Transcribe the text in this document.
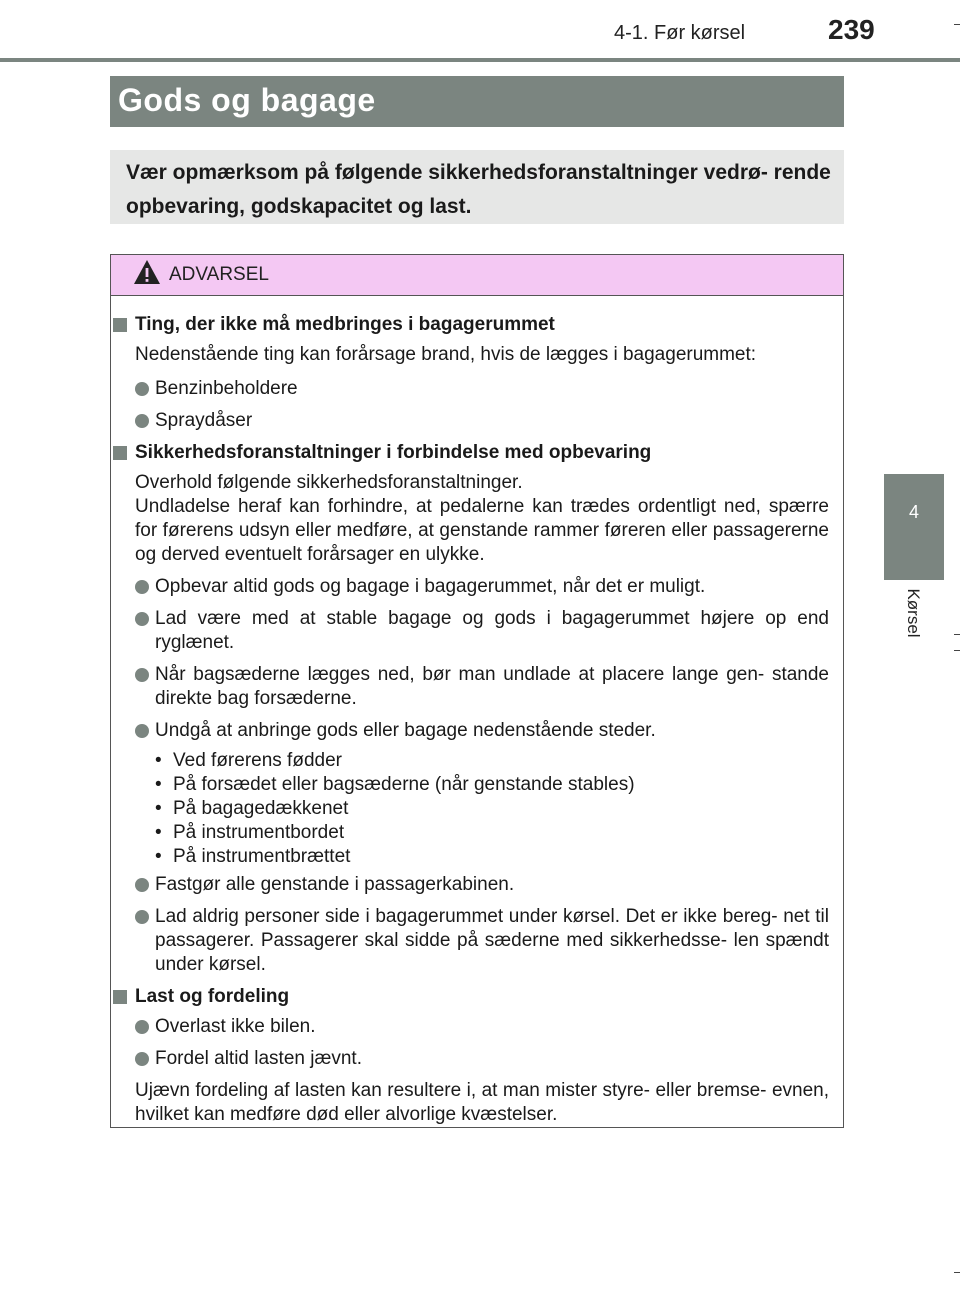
4-1. Før kørsel	239
4
Kørsel
Gods og bagage

Vær opmærksom på følgende sikkerhedsforanstaltninger vedrø- rende opbevaring, godskapacitet og last.

ADVARSEL

Ting, der ikke må medbringes i bagagerummet

Nedenstående ting kan forårsage brand, hvis de lægges i bagagerummet:

Benzinbeholdere

Spraydåser

Sikkerhedsforanstaltninger i forbindelse med opbevaring

Overhold følgende sikkerhedsforanstaltninger.

Undladelse heraf kan forhindre, at pedalerne kan trædes ordentligt ned, spærre for førerens udsyn eller medføre, at genstande rammer føreren eller passagererne og derved eventuelt forårsager en ulykke.

Opbevar altid gods og bagage i bagagerummet, når det er muligt.

Lad være med at stable bagage og gods i bagagerummet højere op end ryglænet.

Når bagsæderne lægges ned, bør man undlade at placere lange gen- stande direkte bag forsæderne.

Undgå at anbringe gods eller bagage nedenstående steder.

• Ved førerens fødder

• På forsædet eller bagsæderne (når genstande stables)

• På bagagedækkenet

• På instrumentbordet

• På instrumentbrættet

Fastgør alle genstande i passagerkabinen.

Lad aldrig personer side i bagagerummet under kørsel. Det er ikke bereg- net til passagerer. Passagerer skal sidde på sæderne med sikkerhedsse- len spændt under kørsel.

Last og fordeling

Overlast ikke bilen.

Fordel altid lasten jævnt.

Ujævn fordeling af lasten kan resultere i, at man mister styre- eller bremse- evnen, hvilket kan medføre død eller alvorlige kvæstelser.
